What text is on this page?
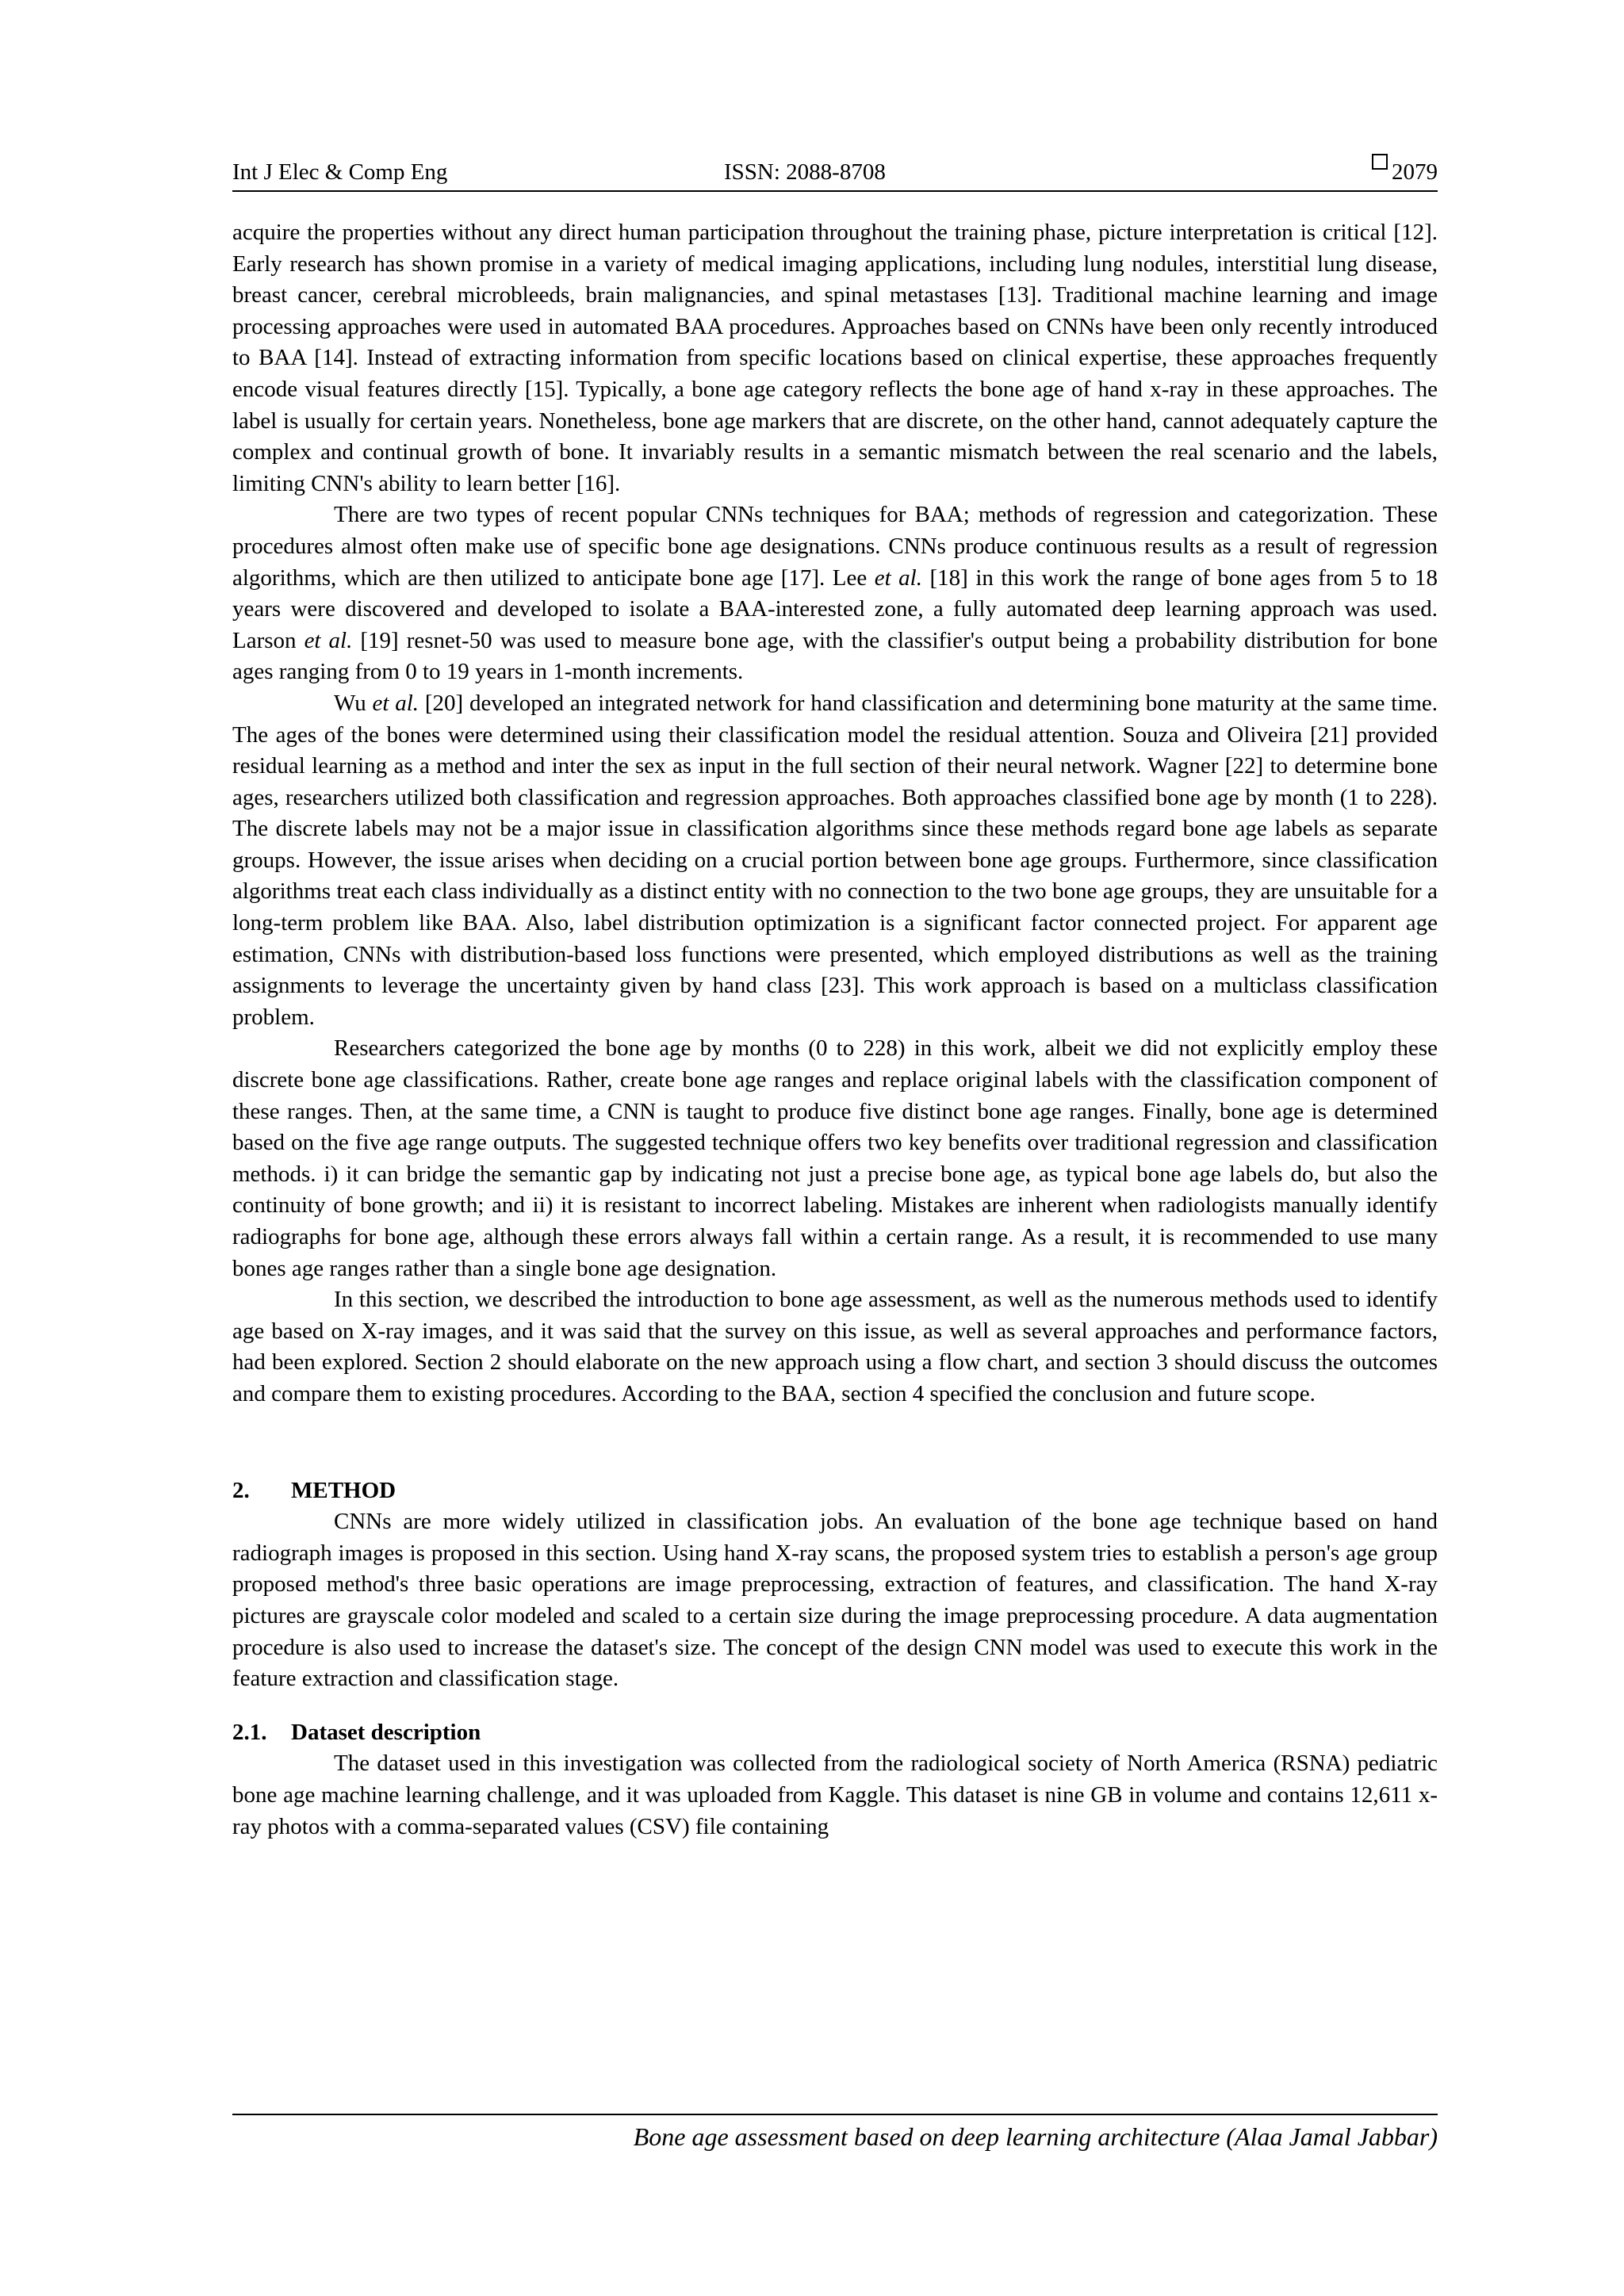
Int J Elec & Comp Eng	ISSN: 2088-8708	2079

acquire the properties without any direct human participation throughout the training phase, picture interpretation is critical [12]. Early research has shown promise in a variety of medical imaging applications, including lung nodules, interstitial lung disease, breast cancer, cerebral microbleeds, brain malignancies, and spinal metastases [13]. Traditional machine learning and image processing approaches were used in automated BAA procedures. Approaches based on CNNs have been only recently introduced to BAA [14]. Instead of extracting information from specific locations based on clinical expertise, these approaches frequently encode visual features directly [15]. Typically, a bone age category reflects the bone age of hand x-ray in these approaches. The label is usually for certain years. Nonetheless, bone age markers that are discrete, on the other hand, cannot adequately capture the complex and continual growth of bone. It invariably results in a semantic mismatch between the real scenario and the labels, limiting CNN's ability to learn better [16].

There are two types of recent popular CNNs techniques for BAA; methods of regression and categorization. These procedures almost often make use of specific bone age designations. CNNs produce continuous results as a result of regression algorithms, which are then utilized to anticipate bone age [17]. Lee et al. [18] in this work the range of bone ages from 5 to 18 years were discovered and developed to isolate a BAA-interested zone, a fully automated deep learning approach was used. Larson et al. [19] resnet-50 was used to measure bone age, with the classifier's output being a probability distribution for bone ages ranging from 0 to 19 years in 1-month increments.

Wu et al. [20] developed an integrated network for hand classification and determining bone maturity at the same time. The ages of the bones were determined using their classification model the residual attention. Souza and Oliveira [21] provided residual learning as a method and inter the sex as input in the full section of their neural network. Wagner [22] to determine bone ages, researchers utilized both classification and regression approaches. Both approaches classified bone age by month (1 to 228). The discrete labels may not be a major issue in classification algorithms since these methods regard bone age labels as separate groups. However, the issue arises when deciding on a crucial portion between bone age groups. Furthermore, since classification algorithms treat each class individually as a distinct entity with no connection to the two bone age groups, they are unsuitable for a long-term problem like BAA. Also, label distribution optimization is a significant factor connected project. For apparent age estimation, CNNs with distribution-based loss functions were presented, which employed distributions as well as the training assignments to leverage the uncertainty given by hand class [23]. This work approach is based on a multiclass classification problem.

Researchers categorized the bone age by months (0 to 228) in this work, albeit we did not explicitly employ these discrete bone age classifications. Rather, create bone age ranges and replace original labels with the classification component of these ranges. Then, at the same time, a CNN is taught to produce five distinct bone age ranges. Finally, bone age is determined based on the five age range outputs. The suggested technique offers two key benefits over traditional regression and classification methods. i) it can bridge the semantic gap by indicating not just a precise bone age, as typical bone age labels do, but also the continuity of bone growth; and ii) it is resistant to incorrect labeling. Mistakes are inherent when radiologists manually identify radiographs for bone age, although these errors always fall within a certain range. As a result, it is recommended to use many bones age ranges rather than a single bone age designation.

In this section, we described the introduction to bone age assessment, as well as the numerous methods used to identify age based on X-ray images, and it was said that the survey on this issue, as well as several approaches and performance factors, had been explored. Section 2 should elaborate on the new approach using a flow chart, and section 3 should discuss the outcomes and compare them to existing procedures. According to the BAA, section 4 specified the conclusion and future scope.

2. METHOD

CNNs are more widely utilized in classification jobs. An evaluation of the bone age technique based on hand radiograph images is proposed in this section. Using hand X-ray scans, the proposed system tries to establish a person's age group proposed method's three basic operations are image preprocessing, extraction of features, and classification. The hand X-ray pictures are grayscale color modeled and scaled to a certain size during the image preprocessing procedure. A data augmentation procedure is also used to increase the dataset's size. The concept of the design CNN model was used to execute this work in the feature extraction and classification stage.

2.1. Dataset description

The dataset used in this investigation was collected from the radiological society of North America (RSNA) pediatric bone age machine learning challenge, and it was uploaded from Kaggle. This dataset is nine GB in volume and contains 12,611 x-ray photos with a comma-separated values (CSV) file containing

Bone age assessment based on deep learning architecture (Alaa Jamal Jabbar)
